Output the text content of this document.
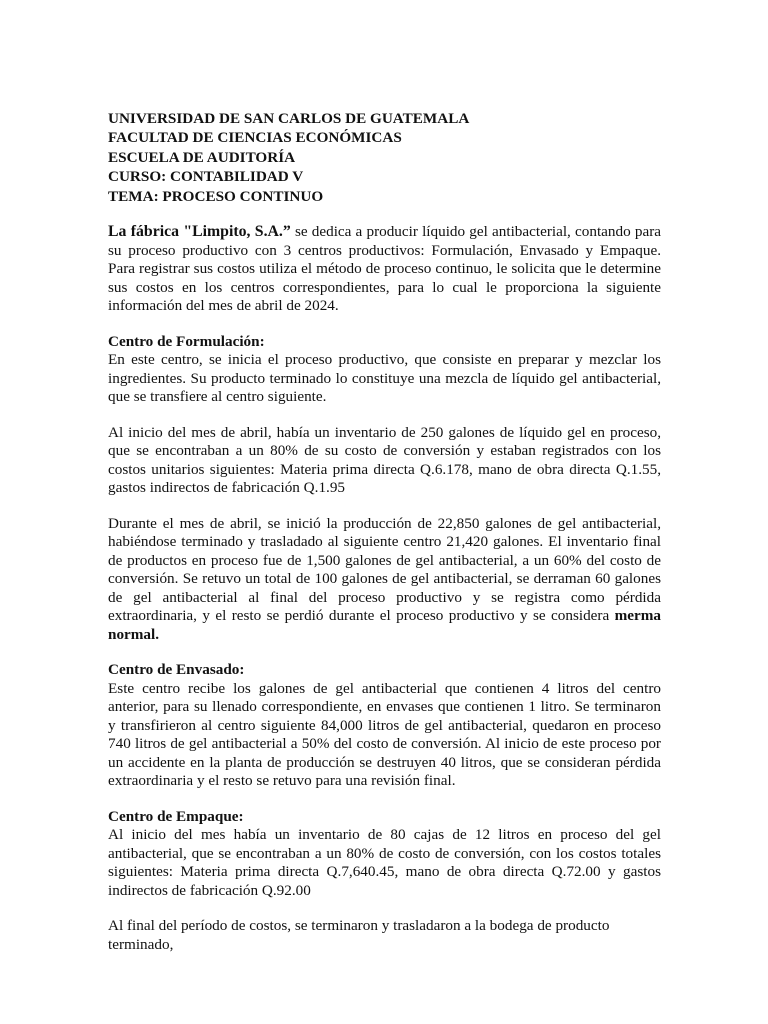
UNIVERSIDAD DE SAN CARLOS DE GUATEMALA
FACULTAD DE CIENCIAS ECONÓMICAS
ESCUELA DE AUDITORÍA
CURSO: CONTABILIDAD V
TEMA: PROCESO CONTINUO

La fábrica "Limpito, S.A.” se dedica a producir líquido gel antibacterial, contando para su proceso productivo con 3 centros productivos: Formulación, Envasado y Empaque. Para registrar sus costos utiliza el método de proceso continuo, le solicita que le determine sus costos en los centros correspondientes, para lo cual le proporciona la siguiente información del mes de abril de 2024.

Centro de Formulación:

En este centro, se inicia el proceso productivo, que consiste en preparar y mezclar los ingredientes. Su producto terminado lo constituye una mezcla de líquido gel antibacterial, que se transfiere al centro siguiente.

Al inicio del mes de abril, había un inventario de 250 galones de líquido gel en proceso, que se encontraban a un 80% de su costo de conversión y estaban registrados con los costos unitarios siguientes: Materia prima directa Q.6.178, mano de obra directa Q.1.55, gastos indirectos de fabricación Q.1.95

Durante el mes de abril, se inició la producción de 22,850 galones de gel antibacterial, habiéndose terminado y trasladado al siguiente centro 21,420 galones. El inventario final de productos en proceso fue de 1,500 galones de gel antibacterial, a un 60% del costo de conversión. Se retuvo un total de 100 galones de gel antibacterial, se derraman 60 galones de gel antibacterial al final del proceso productivo y se registra como pérdida extraordinaria, y el resto se perdió durante el proceso productivo y se considera merma normal.

Centro de Envasado:

Este centro recibe los galones de gel antibacterial que contienen 4 litros del centro anterior, para su llenado correspondiente, en envases que contienen 1 litro. Se terminaron y transfirieron al centro siguiente 84,000 litros de gel antibacterial, quedaron en proceso 740 litros de gel antibacterial a 50% del costo de conversión. Al inicio de este proceso por un accidente en la planta de producción se destruyen 40 litros, que se consideran pérdida extraordinaria y el resto se retuvo para una revisión final.

Centro de Empaque:

Al inicio del mes había un inventario de 80 cajas de 12 litros en proceso del gel antibacterial, que se encontraban a un 80% de costo de conversión, con los costos totales siguientes: Materia prima directa Q.7,640.45, mano de obra directa Q.72.00 y gastos indirectos de fabricación Q.92.00

Al final del período de costos, se terminaron y trasladaron a la bodega de producto terminado,
